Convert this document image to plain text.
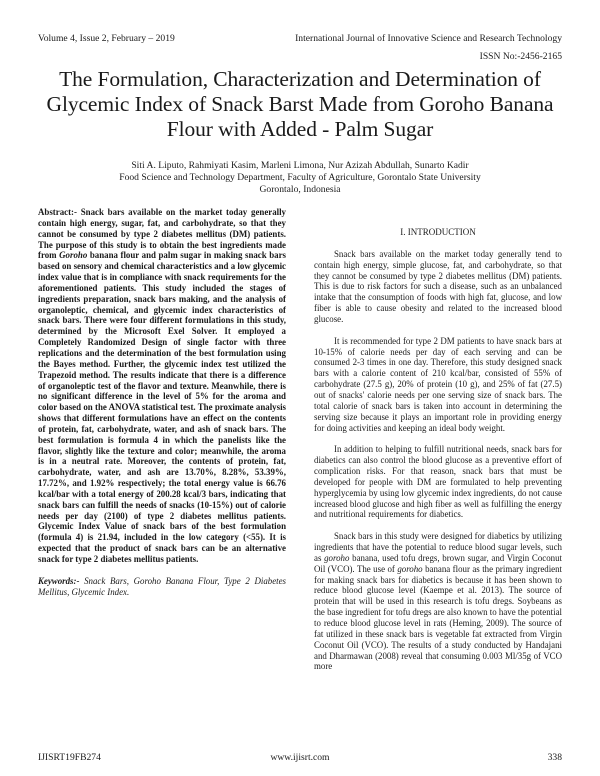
Volume 4, Issue 2, February – 2019	International Journal of Innovative Science and Research Technology
ISSN No:-2456-2165
The Formulation, Characterization and Determination of Glycemic Index of Snack Barst Made from Goroho Banana Flour with Added - Palm Sugar
Siti A. Liputo, Rahmiyati Kasim, Marleni Limona, Nur Azizah Abdullah, Sunarto Kadir
Food Science and Technology Department, Faculty of Agriculture, Gorontalo State University
Gorontalo, Indonesia

Abstract:- Snack bars available on the market today generally contain high energy, sugar, fat, and carbohydrate, so that they cannot be consumed by type 2 diabetes mellitus (DM) patients. The purpose of this study is to obtain the best ingredients made from Goroho banana flour and palm sugar in making snack bars based on sensory and chemical characteristics and a low glycemic index value that is in compliance with snack requirements for the aforementioned patients. This study included the stages of ingredients preparation, snack bars making, and the analysis of organoleptic, chemical, and glycemic index characteristics of snack bars. There were four different formulations in this study, determined by the Microsoft Exel Solver. It employed a Completely Randomized Design of single factor with three replications and the determination of the best formulation using the Bayes method. Further, the glycemic index test utilized the Trapezoid method. The results indicate that there is a difference of organoleptic test of the flavor and texture. Meanwhile, there is no significant difference in the level of 5% for the aroma and color based on the ANOVA statistical test. The proximate analysis shows that different formulations have an effect on the contents of protein, fat, carbohydrate, water, and ash of snack bars. The best formulation is formula 4 in which the panelists like the flavor, slightly like the texture and color; meanwhile, the aroma is in a neutral rate. Moreover, the contents of protein, fat, carbohydrate, water, and ash are 13.70%, 8.28%, 53.39%, 17.72%, and 1.92% respectively; the total energy value is 66.76 kcal/bar with a total energy of 200.28 kcal/3 bars, indicating that snack bars can fulfill the needs of snacks (10-15%) out of calorie needs per day (2100) of type 2 diabetes mellitus patients. Glycemic Index Value of snack bars of the best formulation (formula 4) is 21.94, included in the low category (<55). It is expected that the product of snack bars can be an alternative snack for type 2 diabetes mellitus patients.

Keywords:- Snack Bars, Goroho Banana Flour, Type 2 Diabetes Mellitus, Glycemic Index.

I. INTRODUCTION

Snack bars available on the market today generally tend to contain high energy, simple glucose, fat, and carbohydrate, so that they cannot be consumed by type 2 diabetes mellitus (DM) patients. This is due to risk factors for such a disease, such as an unbalanced intake that the consumption of foods with high fat, glucose, and low fiber is able to cause obesity and related to the increased blood glucose.

It is recommended for type 2 DM patients to have snack bars at 10-15% of calorie needs per day of each serving and can be consumed 2-3 times in one day. Therefore, this study designed snack bars with a calorie content of 210 kcal/bar, consisted of 55% of carbohydrate (27.5 g), 20% of protein (10 g), and 25% of fat (27.5) out of snacks' calorie needs per one serving size of snack bars. The total calorie of snack bars is taken into account in determining the serving size because it plays an important role in providing energy for doing activities and keeping an ideal body weight.

In addition to helping to fulfill nutritional needs, snack bars for diabetics can also control the blood glucose as a preventive effort of complication risks. For that reason, snack bars that must be developed for people with DM are formulated to help preventing hyperglycemia by using low glycemic index ingredients, do not cause increased blood glucose and high fiber as well as fulfilling the energy and nutritional requirements for diabetics.

Snack bars in this study were designed for diabetics by utilizing ingredients that have the potential to reduce blood sugar levels, such as goroho banana, used tofu dregs, brown sugar, and Virgin Coconut Oil (VCO). The use of goroho banana flour as the primary ingredient for making snack bars for diabetics is because it has been shown to reduce blood glucose level (Kaempe et al. 2013). The source of protein that will be used in this research is tofu dregs. Soybeans as the base ingredient for tofu dregs are also known to have the potential to reduce blood glucose level in rats (Heming, 2009). The source of fat utilized in these snack bars is vegetable fat extracted from Virgin Coconut Oil (VCO). The results of a study conducted by Handajani and Dharmawan (2008) reveal that consuming 0.003 Ml/35g of VCO more

IJISRT19FB274	www.ijisrt.com	338
